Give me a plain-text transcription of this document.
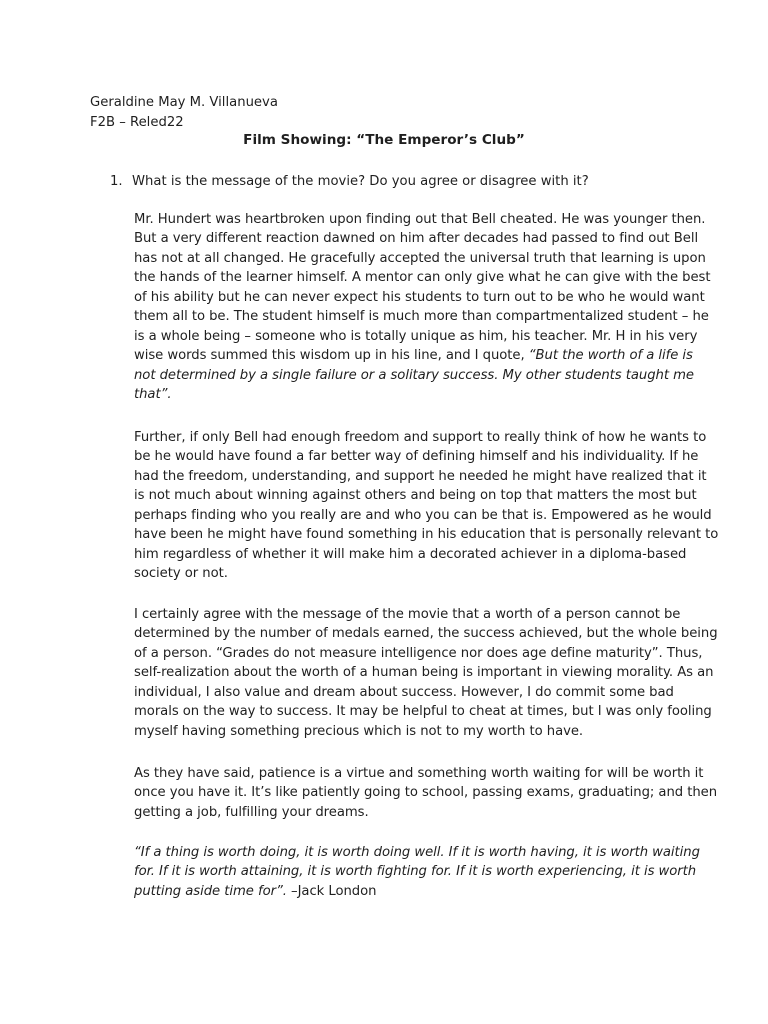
Geraldine May M. Villanueva
F2B – Reled22
Film Showing: “The Emperor’s Club”
1. What is the message of the movie? Do you agree or disagree with it?
Mr. Hundert was heartbroken upon finding out that Bell cheated. He was younger then.
But a very different reaction dawned on him after decades had passed to find out Bell
has not at all changed. He gracefully accepted the universal truth that learning is upon
the hands of the learner himself. A mentor can only give what he can give with the best
of his ability but he can never expect his students to turn out to be who he would want
them all to be. The student himself is much more than compartmentalized student – he
is a whole being – someone who is totally unique as him, his teacher. Mr. H in his very
wise words summed this wisdom up in his line, and I quote, “But the worth of a life is
not determined by a single failure or a solitary success. My other students taught me
that”.
Further, if only Bell had enough freedom and support to really think of how he wants to
be he would have found a far better way of defining himself and his individuality. If he
had the freedom, understanding, and support he needed he might have realized that it
is not much about winning against others and being on top that matters the most but
perhaps finding who you really are and who you can be that is. Empowered as he would
have been he might have found something in his education that is personally relevant to
him regardless of whether it will make him a decorated achiever in a diploma-based
society or not.
I certainly agree with the message of the movie that a worth of a person cannot be
determined by the number of medals earned, the success achieved, but the whole being
of a person. “Grades do not measure intelligence nor does age define maturity”. Thus,
self-realization about the worth of a human being is important in viewing morality. As an
individual, I also value and dream about success. However, I do commit some bad
morals on the way to success. It may be helpful to cheat at times, but I was only fooling
myself having something precious which is not to my worth to have.
As they have said, patience is a virtue and something worth waiting for will be worth it
once you have it. It’s like patiently going to school, passing exams, graduating; and then
getting a job, fulfilling your dreams.
“If a thing is worth doing, it is worth doing well. If it is worth having, it is worth waiting
for. If it is worth attaining, it is worth fighting for. If it is worth experiencing, it is worth
putting aside time for”. –Jack London
